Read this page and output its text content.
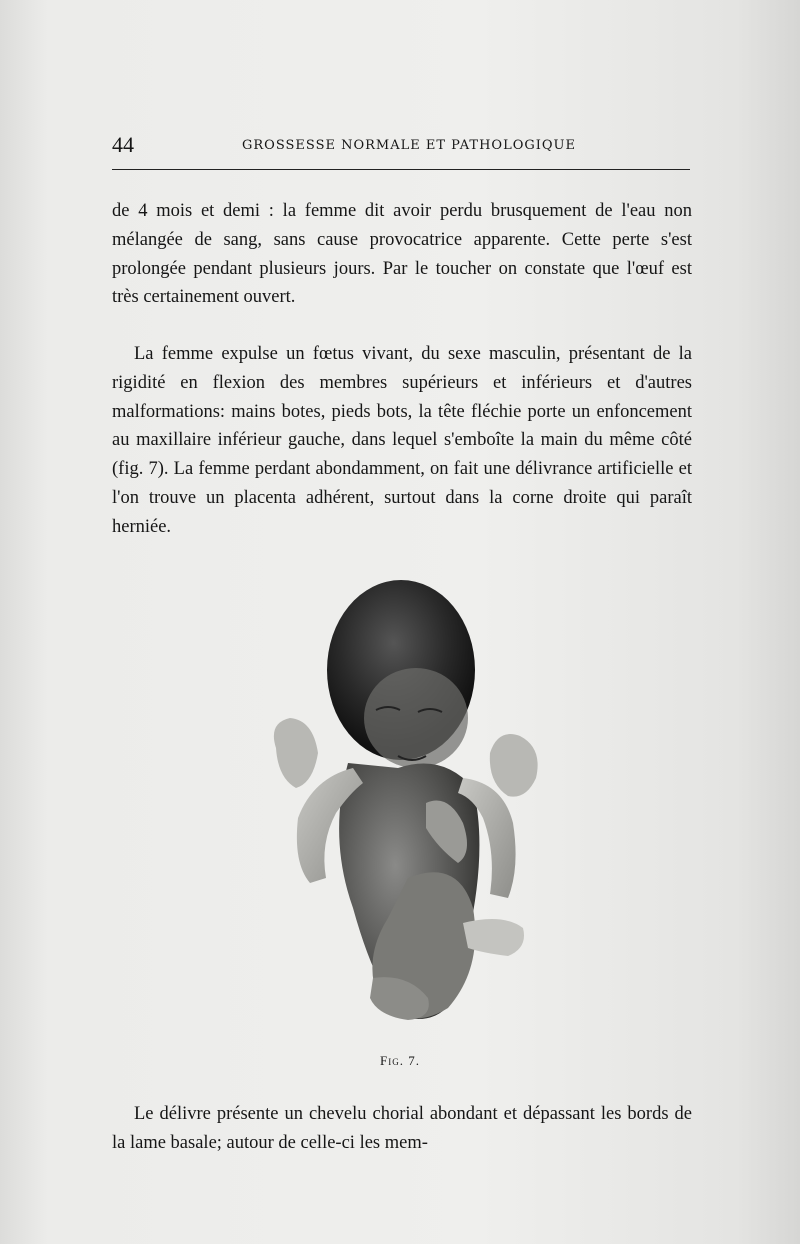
44	GROSSESSE NORMALE ET PATHOLOGIQUE

de 4 mois et demi : la femme dit avoir perdu brusquement de l'eau non mélangée de sang, sans cause provocatrice apparente. Cette perte s'est prolongée pendant plusieurs jours. Par le toucher on constate que l'œuf est très certainement ouvert.

La femme expulse un fœtus vivant, du sexe masculin, présentant de la rigidité en flexion des membres supérieurs et inférieurs et d'autres malformations: mains botes, pieds bots, la tête fléchie porte un enfoncement au maxillaire inférieur gauche, dans lequel s'emboîte la main du même côté (fig. 7). La femme perdant abondamment, on fait une délivrance artificielle et l'on trouve un placenta adhérent, surtout dans la corne droite qui paraît herniée.

Fig. 7.

Le délivre présente un chevelu chorial abondant et dépassant les bords de la lame basale; autour de celle-ci les mem-
